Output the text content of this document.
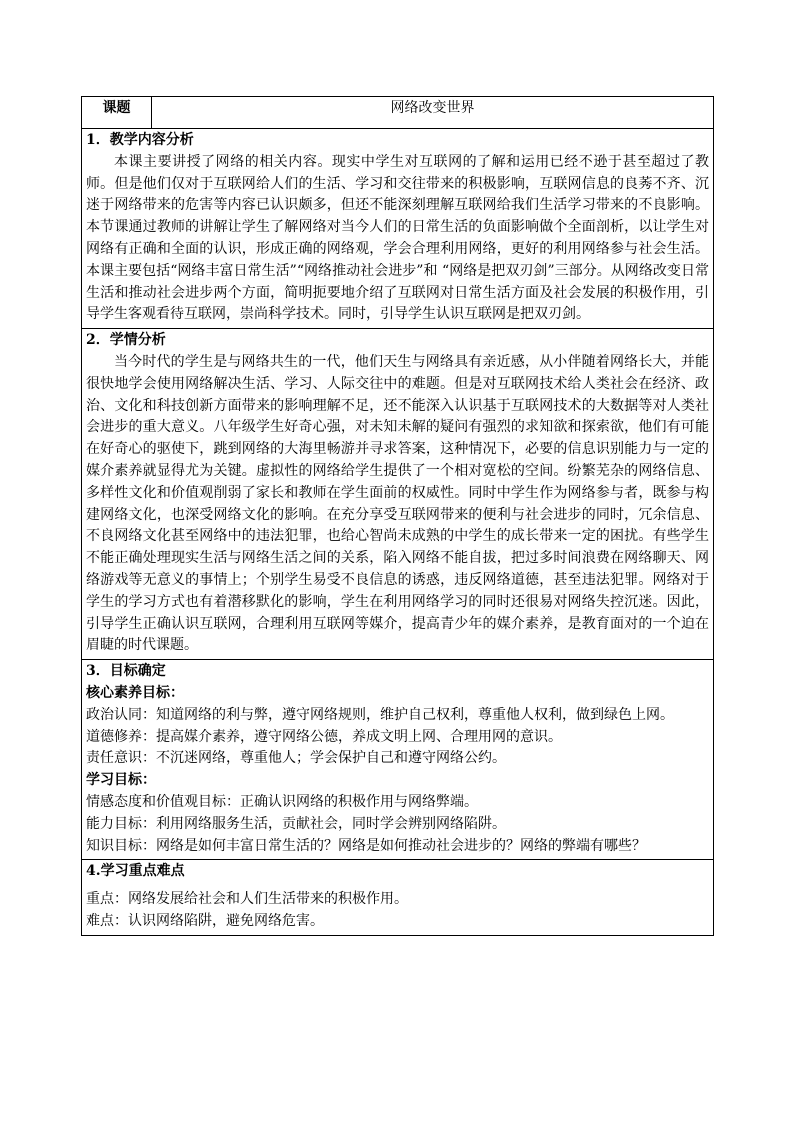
课题	网络改变世界

1．教学内容分析
本课主要讲授了网络的相关内容。现实中学生对互联网的了解和运用已经不逊于甚至超过了教师。但是他们仅对于互联网给人们的生活、学习和交往带来的积极影响，互联网信息的良莠不齐、沉迷于网络带来的危害等内容已认识颇多，但还不能深刻理解互联网给我们生活学习带来的不良影响。本节课通过教师的讲解让学生了解网络对当今人们的日常生活的负面影响做个全面剖析，以让学生对网络有正确和全面的认识，形成正确的网络观，学会合理利用网络，更好的利用网络参与社会生活。本课主要包括“网络丰富日常生活”“网络推动社会进步”和 “网络是把双刃剑”三部分。从网络改变日常生活和推动社会进步两个方面，简明扼要地介绍了互联网对日常生活方面及社会发展的积极作用，引导学生客观看待互联网，崇尚科学技术。同时，引导学生认识互联网是把双刃剑。

2．学情分析
当今时代的学生是与网络共生的一代，他们天生与网络具有亲近感，从小伴随着网络长大，并能很快地学会使用网络解决生活、学习、人际交往中的难题。但是对互联网技术给人类社会在经济、政治、文化和科技创新方面带来的影响理解不足，还不能深入认识基于互联网技术的大数据等对人类社会进步的重大意义。八年级学生好奇心强，对未知未解的疑问有强烈的求知欲和探索欲，他们有可能在好奇心的驱使下，跳到网络的大海里畅游并寻求答案，这种情况下，必要的信息识别能力与一定的媒介素养就显得尤为关键。虚拟性的网络给学生提供了一个相对宽松的空间。纷繁芜杂的网络信息、多样性文化和价值观削弱了家长和教师在学生面前的权威性。同时中学生作为网络参与者，既参与构建网络文化，也深受网络文化的影响。在充分享受互联网带来的便利与社会进步的同时，冗余信息、不良网络文化甚至网络中的违法犯罪，也给心智尚未成熟的中学生的成长带来一定的困扰。有些学生不能正确处理现实生活与网络生活之间的关系，陷入网络不能自拔，把过多时间浪费在网络聊天、网络游戏等无意义的事情上；个别学生易受不良信息的诱惑，违反网络道德，甚至违法犯罪。网络对于学生的学习方式也有着潜移默化的影响，学生在利用网络学习的同时还很易对网络失控沉迷。因此，引导学生正确认识互联网，合理利用互联网等媒介，提高青少年的媒介素养，是教育面对的一个迫在眉睫的时代课题。

3．目标确定
核心素养目标：
政治认同：知道网络的利与弊，遵守网络规则，维护自己权利，尊重他人权利，做到绿色上网。
道德修养：提高媒介素养，遵守网络公德，养成文明上网、合理用网的意识。
责任意识：不沉迷网络，尊重他人；学会保护自己和遵守网络公约。
学习目标：
情感态度和价值观目标：正确认识网络的积极作用与网络弊端。
能力目标：利用网络服务生活，贡献社会，同时学会辨别网络陷阱。
知识目标：网络是如何丰富日常生活的？网络是如何推动社会进步的？网络的弊端有哪些？

4.学习重点难点
重点：网络发展给社会和人们生活带来的积极作用。
难点：认识网络陷阱，避免网络危害。
